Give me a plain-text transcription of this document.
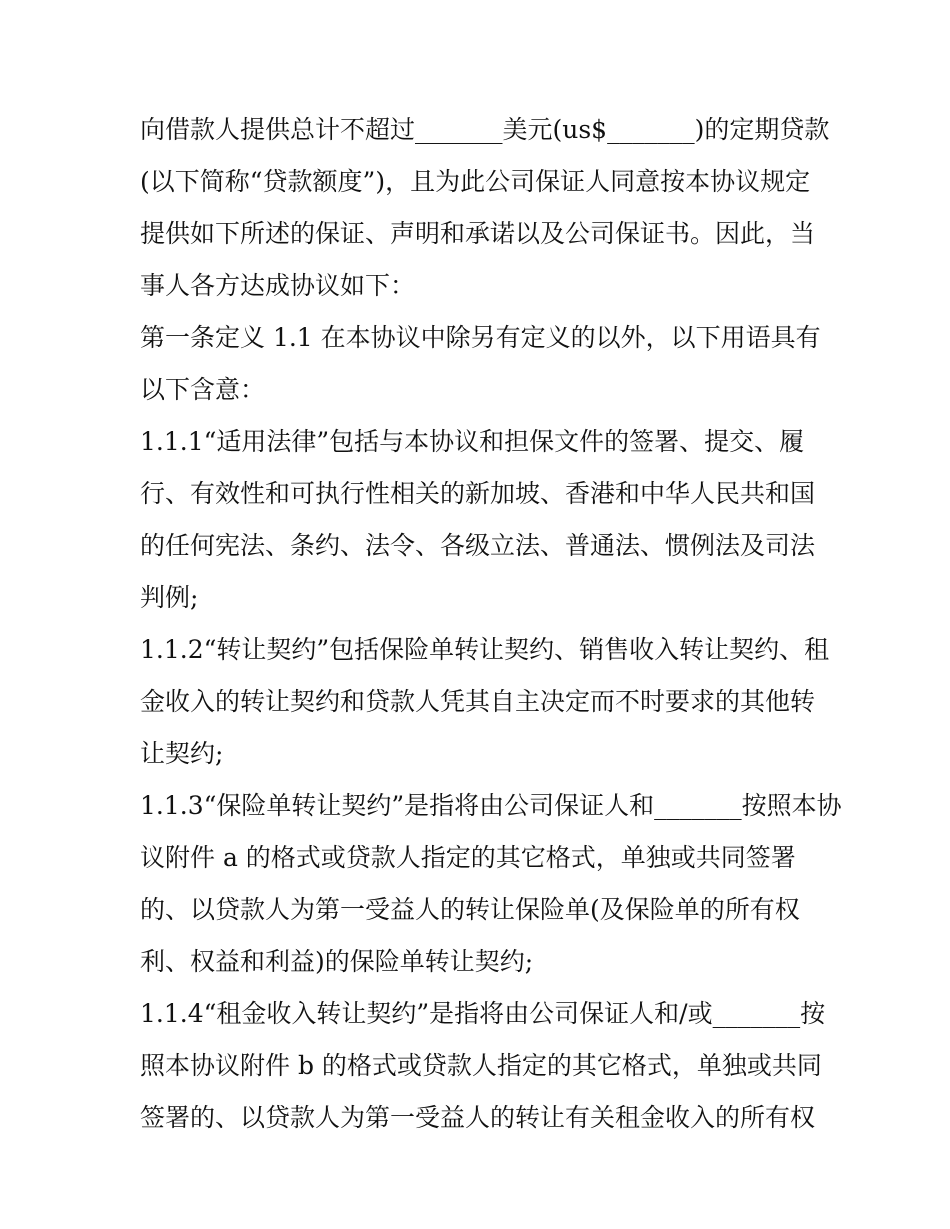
向借款人提供总计不超过_______美元(us$_______)的定期贷款
(以下简称“贷款额度”)，且为此公司保证人同意按本协议规定
提供如下所述的保证、声明和承诺以及公司保证书。因此，当
事人各方达成协议如下：
第一条定义 1.1 在本协议中除另有定义的以外，以下用语具有
以下含意：
1.1.1“适用法律”包括与本协议和担保文件的签署、提交、履
行、有效性和可执行性相关的新加坡、香港和中华人民共和国
的任何宪法、条约、法令、各级立法、普通法、惯例法及司法
判例;
1.1.2“转让契约”包括保险单转让契约、销售收入转让契约、租
金收入的转让契约和贷款人凭其自主决定而不时要求的其他转
让契约;
1.1.3“保险单转让契约”是指将由公司保证人和_______按照本协
议附件 a 的格式或贷款人指定的其它格式，单独或共同签署
的、以贷款人为第一受益人的转让保险单(及保险单的所有权
利、权益和利益)的保险单转让契约;
1.1.4“租金收入转让契约”是指将由公司保证人和/或_______按
照本协议附件 b 的格式或贷款人指定的其它格式，单独或共同
签署的、以贷款人为第一受益人的转让有关租金收入的所有权
